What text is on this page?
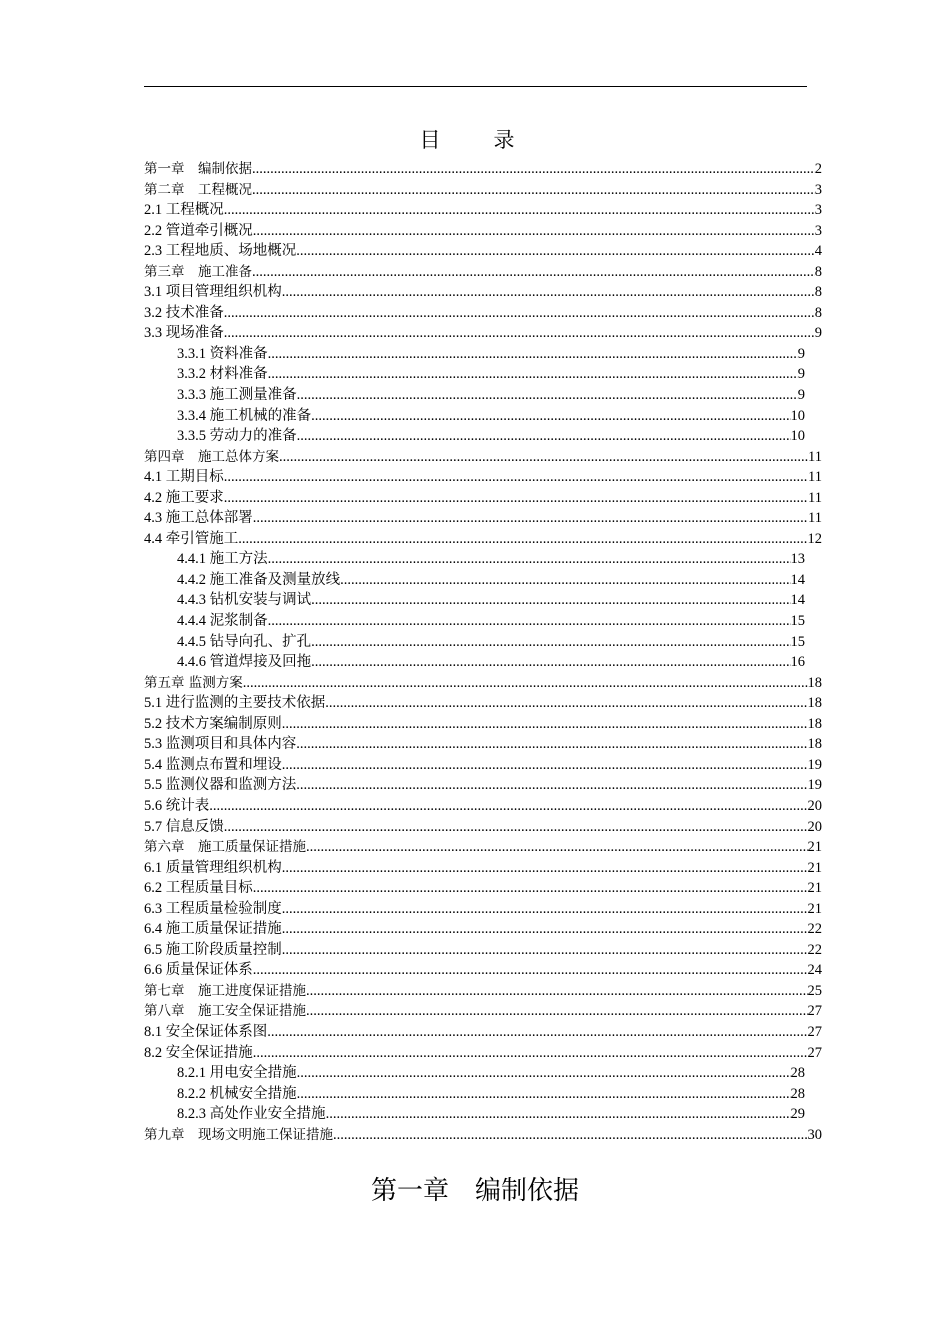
目　录
第一章　编制依据 .....	2
第二章　工程概况 .....	3
2.1 工程概况 .....	3
2.2 管道牵引概况 .....	3
2.3 工程地质、场地概况 .....	4
第三章　施工准备 .....	8
3.1 项目管理组织机构 .....	8
3.2 技术准备 .....	8
3.3 现场准备 .....	9
3.3.1 资料准备 .....	9
3.3.2 材料准备 .....	9
3.3.3 施工测量准备 .....	9
3.3.4 施工机械的准备 .....	10
3.3.5 劳动力的准备 .....	10
第四章　施工总体方案 .....	11
4.1 工期目标 .....	11
4.2 施工要求 .....	11
4.3 施工总体部署 .....	11
4.4 牵引管施工 .....	12
4.4.1 施工方法 .....	13
4.4.2 施工准备及测量放线 .....	14
4.4.3 钻机安装与调试 .....	14
4.4.4 泥浆制备 .....	15
4.4.5 钻导向孔、扩孔 .....	15
4.4.6 管道焊接及回拖 .....	16
第五章 监测方案 .....	18
5.1 进行监测的主要技术依据 .....	18
5.2 技术方案编制原则 .....	18
5.3 监测项目和具体内容 .....	18
5.4 监测点布置和埋设 .....	19
5.5 监测仪器和监测方法 .....	19
5.6 统计表 .....	20
5.7 信息反馈 .....	20
第六章　施工质量保证措施 .....	21
6.1 质量管理组织机构 .....	21
6.2 工程质量目标 .....	21
6.3 工程质量检验制度 .....	21
6.4 施工质量保证措施 .....	22
6.5 施工阶段质量控制 .....	22
6.6 质量保证体系 .....	24
第七章　施工进度保证措施 .....	25
第八章　施工安全保证措施 .....	27
8.1 安全保证体系图 .....	27
8.2 安全保证措施 .....	27
8.2.1 用电安全措施 .....	28
8.2.2 机械安全措施 .....	28
8.2.3 高处作业安全措施 .....	29
第九章　现场文明施工保证措施 .....	30
第一章　编制依据
